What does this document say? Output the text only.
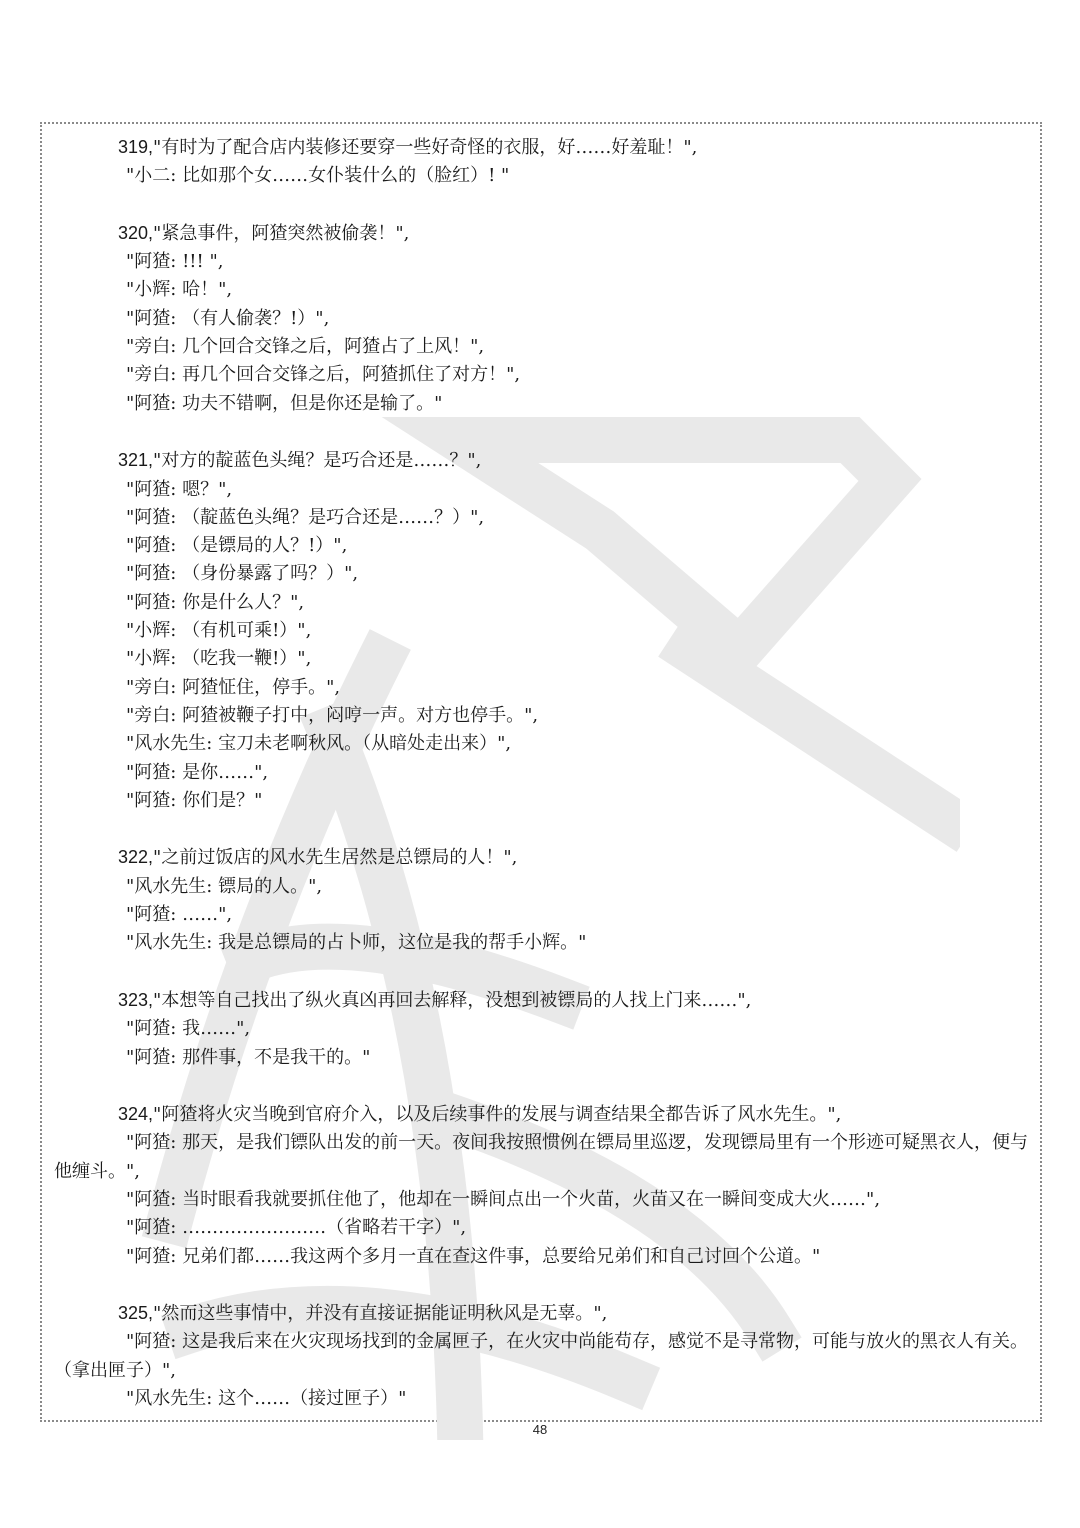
319,"有时为了配合店内装修还要穿一些好奇怪的衣服，好……好羞耻！",
"小二: 比如那个女……女仆装什么的（脸红）! "
320,"紧急事件，阿猹突然被偷袭！",
"阿猹: !!! ",
"小辉: 哈！",
"阿猹: （有人偷袭？!）",
"旁白: 几个回合交锋之后，阿猹占了上风！",
"旁白: 再几个回合交锋之后，阿猹抓住了对方！",
"阿猹: 功夫不错啊，但是你还是输了。"
321,"对方的靛蓝色头绳？是巧合还是……？",
"阿猹: 嗯？",
"阿猹: （靛蓝色头绳？是巧合还是……？）",
"阿猹: （是镖局的人？!）",
"阿猹: （身份暴露了吗？）",
"阿猹: 你是什么人？",
"小辉: （有机可乘!）",
"小辉: （吃我一鞭!）",
"旁白: 阿猹怔住，停手。",
"旁白: 阿猹被鞭子打中，闷哼一声。对方也停手。",
"风水先生: 宝刀未老啊秋风。（从暗处走出来）",
"阿猹: 是你……",
"阿猹: 你们是？"
322,"之前过饭店的风水先生居然是总镖局的人！",
"风水先生: 镖局的人。",
"阿猹: ……",
"风水先生: 我是总镖局的占卜师，这位是我的帮手小辉。"
323,"本想等自己找出了纵火真凶再回去解释，没想到被镖局的人找上门来……",
"阿猹: 我……",
"阿猹: 那件事，不是我干的。"
324,"阿猹将火灾当晚到官府介入，以及后续事件的发展与调查结果全都告诉了风水先生。",
"阿猹: 那天，是我们镖队出发的前一天。夜间我按照惯例在镖局里巡逻，发现镖局里有一个形迹可疑黑衣人，便与他缠斗。",
"阿猹: 当时眼看我就要抓住他了，他却在一瞬间点出一个火苗，火苗又在一瞬间变成大火……",
"阿猹: ……………………（省略若干字）",
"阿猹: 兄弟们都……我这两个多月一直在查这件事，总要给兄弟们和自己讨回个公道。"
325,"然而这些事情中，并没有直接证据能证明秋风是无辜。",
"阿猹: 这是我后来在火灾现场找到的金属匣子，在火灾中尚能苟存，感觉不是寻常物，可能与放火的黑衣人有关。（拿出匣子）",
"风水先生: 这个……（接过匣子）"
48
